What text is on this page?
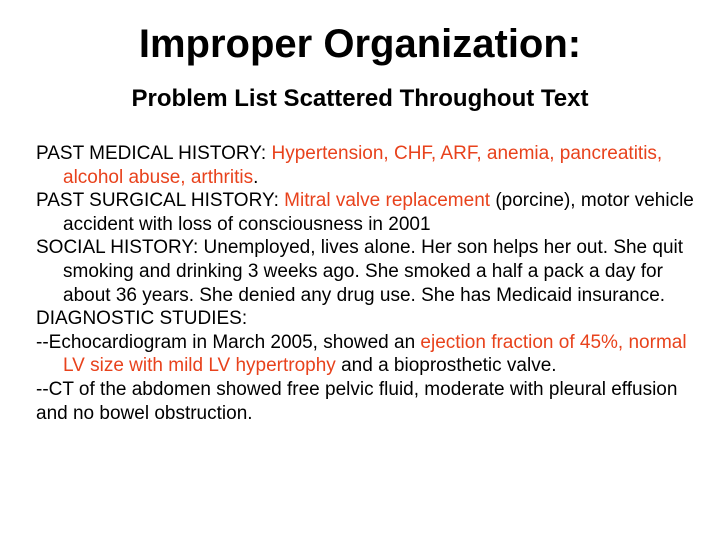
Improper Organization:
Problem List Scattered Throughout Text

PAST MEDICAL HISTORY: Hypertension, CHF, ARF, anemia, pancreatitis, alcohol abuse, arthritis.

PAST SURGICAL HISTORY: Mitral valve replacement (porcine), motor vehicle accident with loss of consciousness in 2001

SOCIAL HISTORY: Unemployed, lives alone. Her son helps her out. She quit smoking and drinking 3 weeks ago. She smoked a half a pack a day for about 36 years. She denied any drug use. She has Medicaid insurance.

DIAGNOSTIC STUDIES:

--Echocardiogram in March 2005, showed an ejection fraction of 45%, normal LV size with mild LV hypertrophy and a bioprosthetic valve.

--CT of the abdomen showed free pelvic fluid, moderate with pleural effusion and no bowel obstruction.
